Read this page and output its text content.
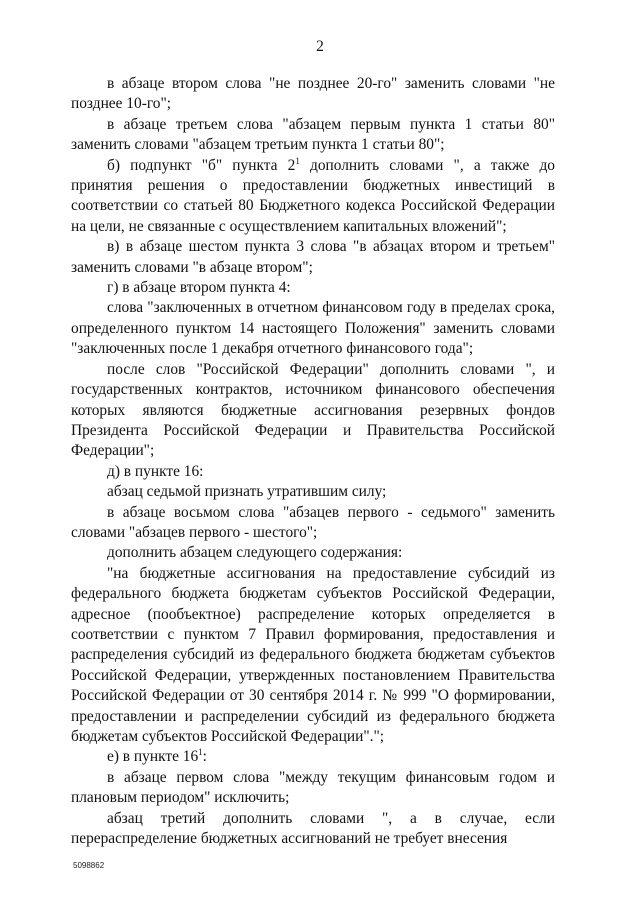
2

в абзаце втором слова "не позднее 20-го" заменить словами "не позднее 10-го";

в абзаце третьем слова "абзацем первым пункта 1 статьи 80" заменить словами "абзацем третьим пункта 1 статьи 80";

б) подпункт "б" пункта $2^1$ дополнить словами ", а также до принятия решения о предоставлении бюджетных инвестиций в соответствии со статьей 80 Бюджетного кодекса Российской Федерации на цели, не связанные с осуществлением капитальных вложений";

в) в абзаце шестом пункта 3 слова "в абзацах втором и третьем" заменить словами "в абзаце втором";

г) в абзаце втором пункта 4:

слова "заключенных в отчетном финансовом году в пределах срока, определенного пунктом 14 настоящего Положения" заменить словами "заключенных после 1 декабря отчетного финансового года";

после слов "Российской Федерации" дополнить словами ", и государственных контрактов, источником финансового обеспечения которых являются бюджетные ассигнования резервных фондов Президента Российской Федерации и Правительства Российской Федерации";

д) в пункте 16:

абзац седьмой признать утратившим силу;

в абзаце восьмом слова "абзацев первого - седьмого" заменить словами "абзацев первого - шестого";

дополнить абзацем следующего содержания:

"на бюджетные ассигнования на предоставление субсидий из федерального бюджета бюджетам субъектов Российской Федерации, адресное (пообъектное) распределение которых определяется в соответствии с пунктом 7 Правил формирования, предоставления и распределения субсидий из федерального бюджета бюджетам субъектов Российской Федерации, утвержденных постановлением Правительства Российской Федерации от 30 сентября 2014 г. № 999 "О формировании, предоставлении и распределении субсидий из федерального бюджета бюджетам субъектов Российской Федерации".";

е) в пункте $16^1$:

в абзаце первом слова "между текущим финансовым годом и плановым периодом" исключить;

абзац третий дополнить словами ", а в случае, если перераспределение бюджетных ассигнований не требует внесения

5098862
